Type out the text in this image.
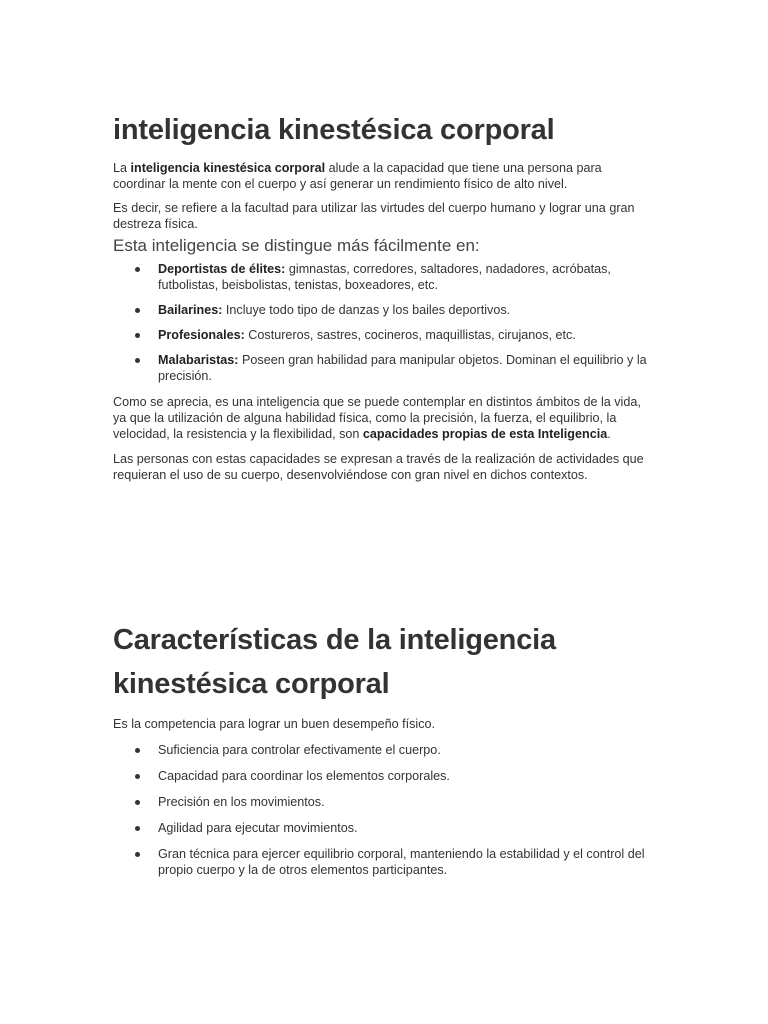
inteligencia kinestésica corporal

La inteligencia kinestésica corporal alude a la capacidad que tiene una persona para coordinar la mente con el cuerpo y así generar un rendimiento físico de alto nivel.

Es decir, se refiere a la facultad para utilizar las virtudes del cuerpo humano y lograr una gran destreza física.

Esta inteligencia se distingue más fácilmente en:

Deportistas de élites: gimnastas, corredores, saltadores, nadadores, acróbatas, futbolistas, beisbolistas, tenistas, boxeadores, etc.
Bailarines: Incluye todo tipo de danzas y los bailes deportivos.
Profesionales: Costureros, sastres, cocineros, maquillistas, cirujanos, etc.
Malabaristas: Poseen gran habilidad para manipular objetos. Dominan el equilibrio y la precisión.

Como se aprecia, es una inteligencia que se puede contemplar en distintos ámbitos de la vida, ya que la utilización de alguna habilidad física, como la precisión, la fuerza, el equilibrio, la velocidad, la resistencia y la flexibilidad, son capacidades propias de esta Inteligencia.

Las personas con estas capacidades se expresan a través de la realización de actividades que requieran el uso de su cuerpo, desenvolviéndose con gran nivel en dichos contextos.

Características de la inteligencia kinestésica corporal

Es la competencia para lograr un buen desempeño físico.

Suficiencia para controlar efectivamente el cuerpo.
Capacidad para coordinar los elementos corporales.
Precisión en los movimientos.
Agilidad para ejecutar movimientos.
Gran técnica para ejercer equilibrio corporal, manteniendo la estabilidad y el control del propio cuerpo y la de otros elementos participantes.
